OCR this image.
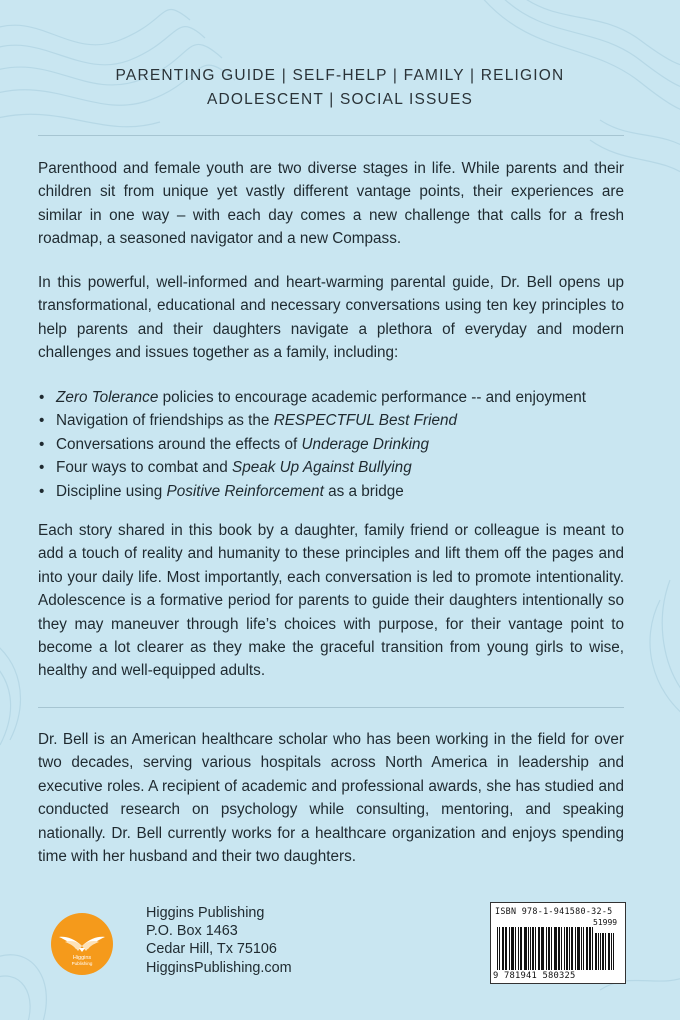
PARENTING GUIDE | SELF-HELP | FAMILY | RELIGION
ADOLESCENT | SOCIAL ISSUES

Parenthood and female youth are two diverse stages in life. While parents and their children sit from unique yet vastly different vantage points, their experiences are similar in one way – with each day comes a new challenge that calls for a fresh roadmap, a seasoned navigator and a new Compass.

In this powerful, well-informed and heart-warming parental guide, Dr. Bell opens up transformational, educational and necessary conversations using ten key principles to help parents and their daughters navigate a plethora of everyday and modern challenges and issues together as a family, including:

• Zero Tolerance policies to encourage academic performance -- and enjoyment
• Navigation of friendships as the RESPECTFUL Best Friend
• Conversations around the effects of Underage Drinking
• Four ways to combat and Speak Up Against Bullying
• Discipline using Positive Reinforcement as a bridge

Each story shared in this book by a daughter, family friend or colleague is meant to add a touch of reality and humanity to these principles and lift them off the pages and into your daily life. Most importantly, each conversation is led to promote intentionality. Adolescence is a formative period for parents to guide their daughters intentionally so they may maneuver through life’s choices with purpose, for their vantage point to become a lot clearer as they make the graceful transition from young girls to wise, healthy and well-equipped adults.

Dr. Bell is an American healthcare scholar who has been working in the field for over two decades, serving various hospitals across North America in leadership and executive roles. A recipient of academic and professional awards, she has studied and conducted research on psychology while consulting, mentoring, and speaking nationally. Dr. Bell currently works for a healthcare organization and enjoys spending time with her husband and their two daughters.

Higgins
Publishing
Higgins Publishing
P.O. Box 1463
Cedar Hill, Tx 75106
HigginsPublishing.com
ISBN 978-1-941580-32-5
51999
9 781941 580325
